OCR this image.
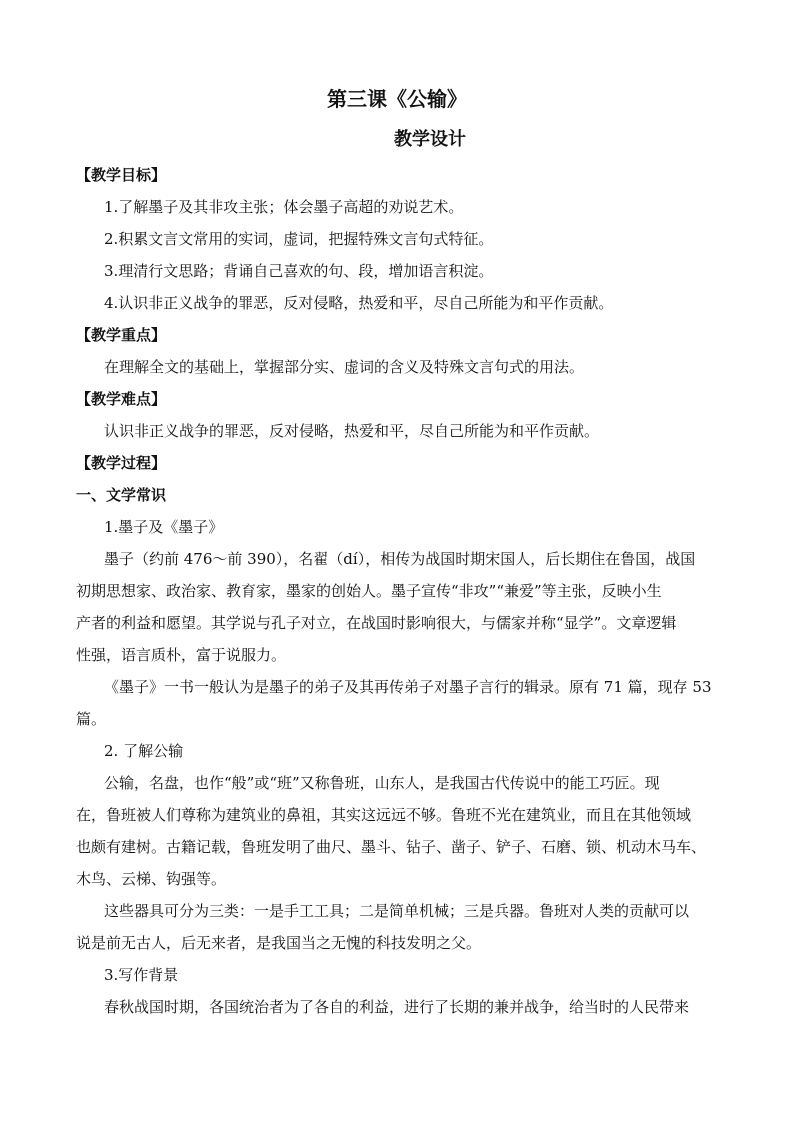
第三课《公输》
教学设计
【教学目标】
1.了解墨子及其非攻主张；体会墨子高超的劝说艺术。
2.积累文言文常用的实词，虚词，把握特殊文言句式特征。
3.理清行文思路；背诵自己喜欢的句、段，增加语言积淀。
4.认识非正义战争的罪恶，反对侵略，热爱和平，尽自己所能为和平作贡献。
【教学重点】
在理解全文的基础上，掌握部分实、虚词的含义及特殊文言句式的用法。
【教学难点】
认识非正义战争的罪恶，反对侵略，热爱和平，尽自己所能为和平作贡献。
【教学过程】
一、文学常识
1.墨子及《墨子》
墨子（约前 476～前 390），名翟（dí），相传为战国时期宋国人，后长期住在鲁国，战国
初期思想家、政治家、教育家，墨家的创始人。墨子宣传“非攻”“兼爱”等主张，反映小生
产者的利益和愿望。其学说与孔子对立，在战国时影响很大，与儒家并称“显学”。文章逻辑
性强，语言质朴，富于说服力。
《墨子》一书一般认为是墨子的弟子及其再传弟子对墨子言行的辑录。原有 71 篇，现存 53
篇。
2. 了解公输
公输，名盘，也作“般”或“班”又称鲁班，山东人，是我国古代传说中的能工巧匠。现
在，鲁班被人们尊称为建筑业的鼻祖，其实这远远不够。鲁班不光在建筑业，而且在其他领域
也颇有建树。古籍记载，鲁班发明了曲尺、墨斗、钻子、凿子、铲子、石磨、锁、机动木马车、
木鸟、云梯、钩强等。
这些器具可分为三类：一是手工工具；二是简单机械；三是兵器。鲁班对人类的贡献可以
说是前无古人，后无来者，是我国当之无愧的科技发明之父。
3.写作背景
春秋战国时期，各国统治者为了各自的利益，进行了长期的兼并战争，给当时的人民带来
